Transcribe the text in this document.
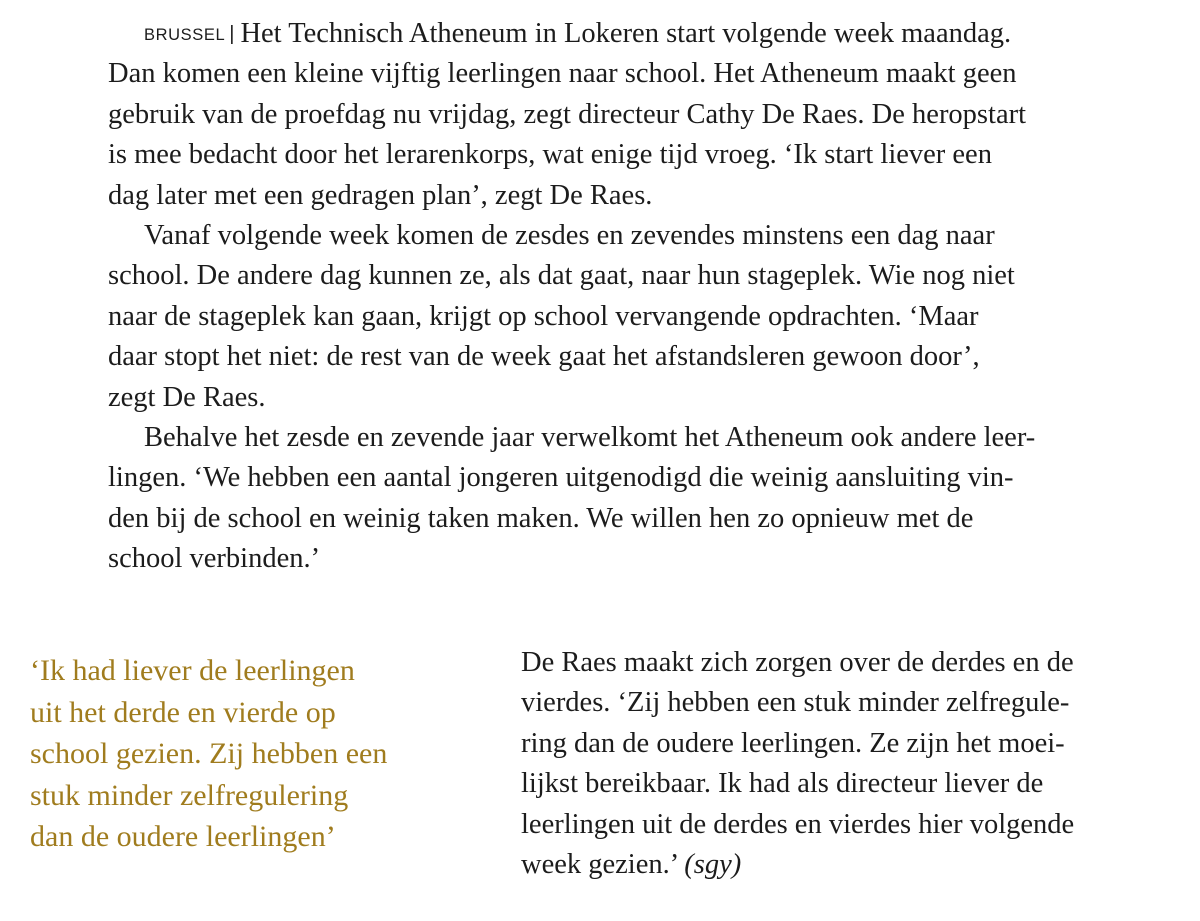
BRUSSEL | Het Technisch Atheneum in Lokeren start volgende week maandag.
Dan komen een kleine vijftig leerlingen naar school. Het Atheneum maakt geen
gebruik van de proefdag nu vrijdag, zegt directeur Cathy De Raes. De heropstart
is mee bedacht door het lerarenkorps, wat enige tijd vroeg. ‘Ik start liever een
dag later met een gedragen plan’, zegt De Raes.
Vanaf volgende week komen de zesdes en zevendes minstens een dag naar
school. De andere dag kunnen ze, als dat gaat, naar hun stageplek. Wie nog niet
naar de stageplek kan gaan, krijgt op school vervangende opdrachten. ‘Maar
daar stopt het niet: de rest van de week gaat het afstandsleren gewoon door’,
zegt De Raes.
Behalve het zesde en zevende jaar verwelkomt het Atheneum ook andere leer-
lingen. ‘We hebben een aantal jongeren uitgenodigd die weinig aansluiting vin-
den bij de school en weinig taken maken. We willen hen zo opnieuw met de
school verbinden.’
‘Ik had liever de leerlingen
uit het derde en vierde op
school gezien. Zij hebben een
stuk minder zelfregulering
dan de oudere leerlingen’
De Raes maakt zich zorgen over de derdes en de
vierdes. ‘Zij hebben een stuk minder zelfregule-
ring dan de oudere leerlingen. Ze zijn het moei-
lijkst bereikbaar. Ik had als directeur liever de
leerlingen uit de derdes en vierdes hier volgende
week gezien.’ (sgy)
